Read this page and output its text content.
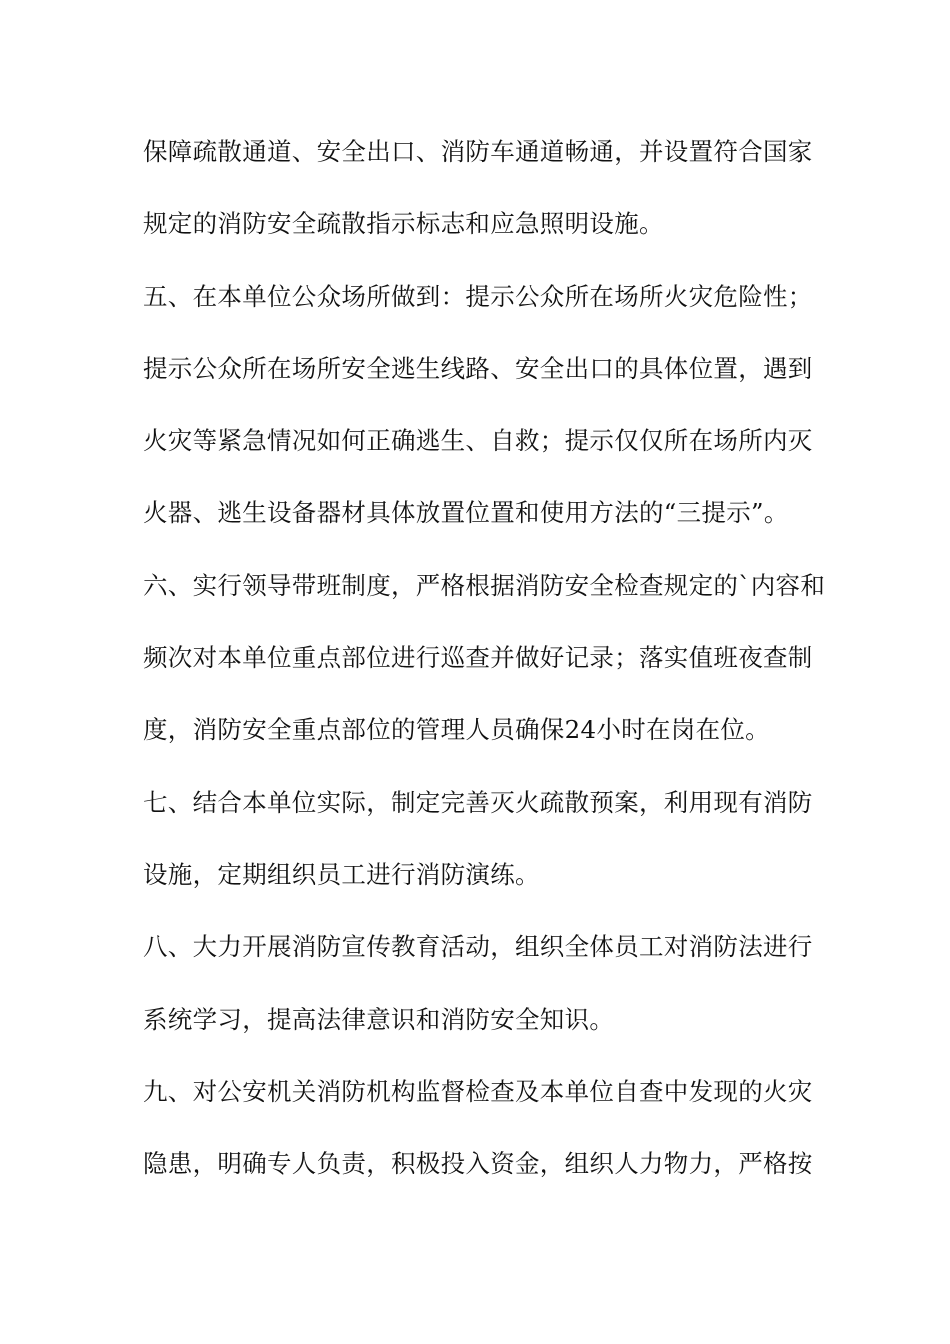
保障疏散通道、安全出口、消防车通道畅通，并设置符合国家
规定的消防安全疏散指示标志和应急照明设施。
五、在本单位公众场所做到：提示公众所在场所火灾危险性；
提示公众所在场所安全逃生线路、安全出口的具体位置，遇到
火灾等紧急情况如何正确逃生、自救；提示仅仅所在场所内灭
火器、逃生设备器材具体放置位置和使用方法的“三提示”。
六、实行领导带班制度，严格根据消防安全检查规定的`内容和
频次对本单位重点部位进行巡查并做好记录；落实值班夜查制
度，消防安全重点部位的管理人员确保24小时在岗在位。
七、结合本单位实际，制定完善灭火疏散预案，利用现有消防
设施，定期组织员工进行消防演练。
八、大力开展消防宣传教育活动，组织全体员工对消防法进行
系统学习，提高法律意识和消防安全知识。
九、对公安机关消防机构监督检查及本单位自查中发现的火灾
隐患，明确专人负责，积极投入资金，组织人力物力，严格按
